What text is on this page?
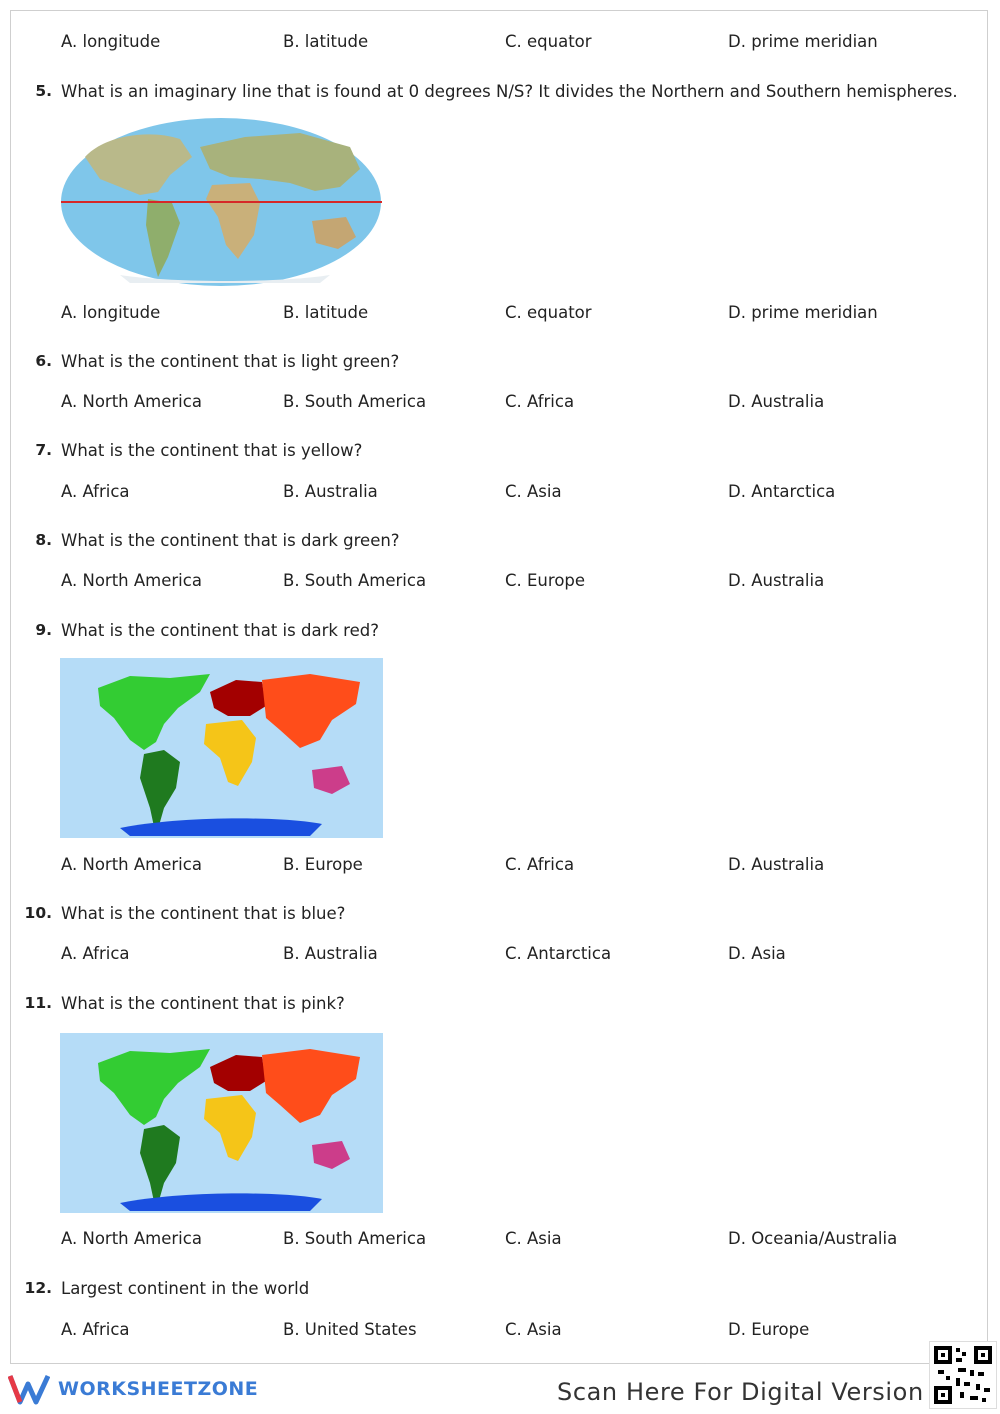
A. longitude	B. latitude	C. equator	D. prime meridian
5. What is an imaginary line that is found at 0 degrees N/S? It divides the Northern and Southern hemispheres.
A. longitude	B. latitude	C. equator	D. prime meridian
6. What is the continent that is light green?
A. North America	B. South America	C. Africa	D. Australia
7. What is the continent that is yellow?
A. Africa	B. Australia	C. Asia	D. Antarctica
8. What is the continent that is dark green?
A. North America	B. South America	C. Europe	D. Australia
9. What is the continent that is dark red?
A. North America	B. Europe	C. Africa	D. Australia
10. What is the continent that is blue?
A. Africa	B. Australia	C. Antarctica	D. Asia
11. What is the continent that is pink?
A. North America	B. South America	C. Asia	D. Oceania/Australia
12. Largest continent in the world
A. Africa	B. United States	C. Asia	D. Europe
WORKSHEETZONE	Scan Here For Digital Version
